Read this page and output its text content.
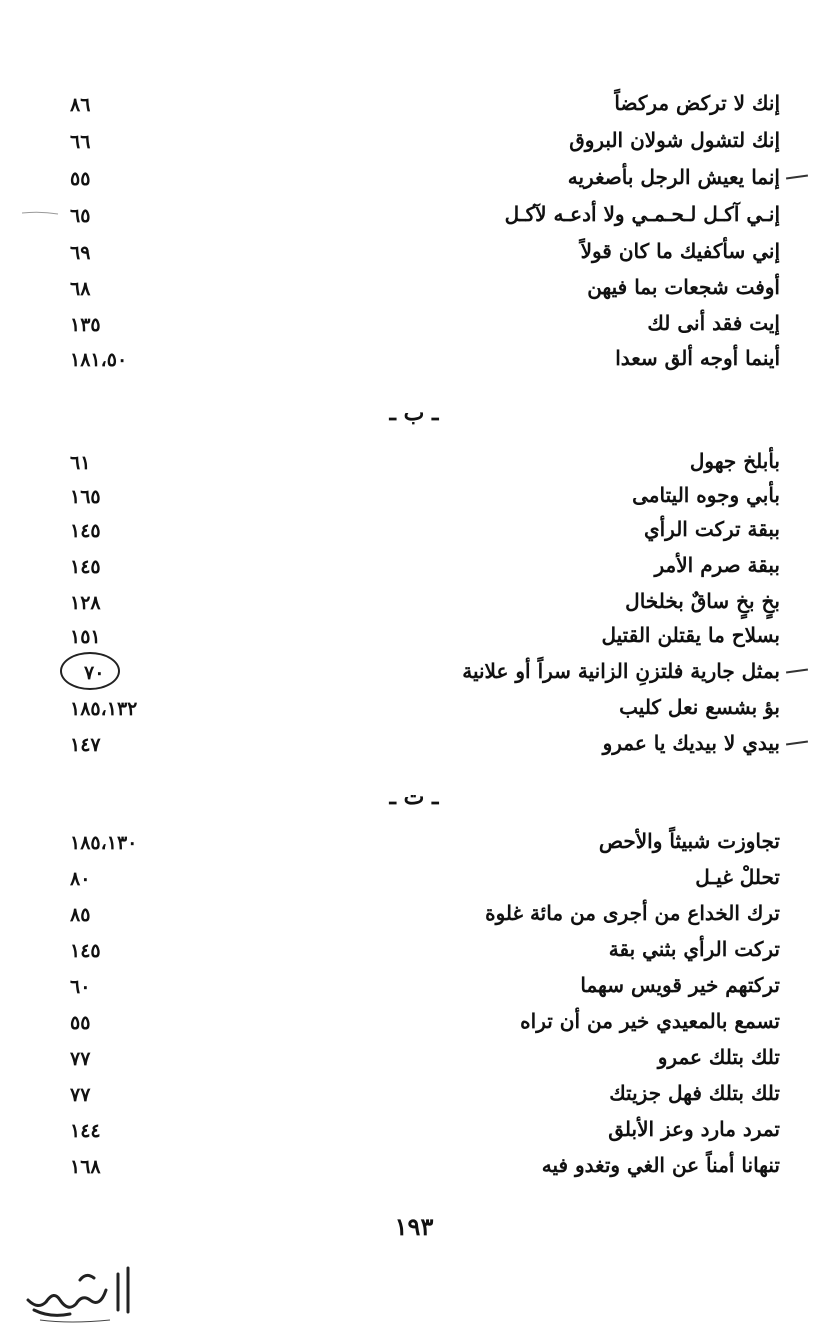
إنك لا تركض مركضاً
٨٦
إنك لتشول شولان البروق
٦٦
إنما يعيش الرجل بأصغريه
٥٥
إنـي آكـل لـحـمـي ولا أدعـه لآكـل
٦٥
إني سأكفيك ما كان قولاً
٦٩
أوفت شجعات بما فيهن
٦٨
إيت فقد أنى لك
١٣٥
أينما أوجه ألق سعدا
١٨١،٥٠
ـ ب ـ
بأبلخ جهول
٦١
بأبي وجوه اليتامى
١٦٥
ببقة تركت الرأي
١٤٥
ببقة صرم الأمر
١٤٥
بخٍ بخٍ ساقٌ بخلخال
١٢٨
بسلاح ما يقتلن القتيل
١٥١
بمثل جارية فلتزنِ الزانية سراً أو علانية
٧٠
بؤ بشسع نعل كليب
١٨٥،١٣٢
بيدي لا بيديك يا عمرو
١٤٧
ـ ت ـ
تجاوزت شبيثاً والأحص
١٨٥،١٣٠
تحللْ غيـل
٨٠
ترك الخداع من أجرى من مائة غلوة
٨٥
تركت الرأي بثني بقة
١٤٥
تركتهم خير قويس سهما
٦٠
تسمع بالمعيدي خير من أن تراه
٥٥
تلك بتلك عمرو
٧٧
تلك بتلك فهل جزيتك
٧٧
تمرد مارد وعز الأبلق
١٤٤
تنهانا أمناً عن الغي وتغدو فيه
١٦٨
١٩٣
